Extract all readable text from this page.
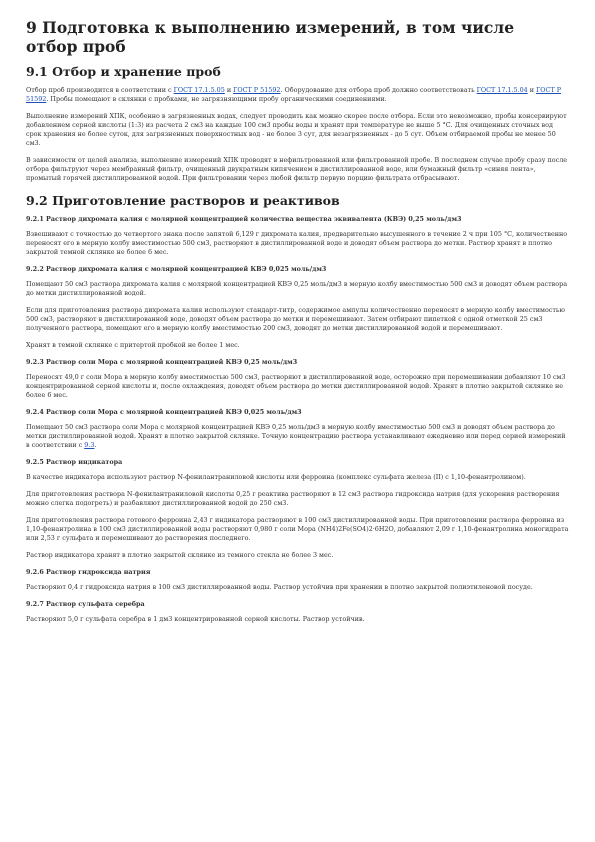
9 Подготовка к выполнению измерений, в том числе отбор проб
9.1 Отбор и хранение проб

Отбор проб производится в соответствии с ГОСТ 17.1.5.05 и ГОСТ Р 51592. Оборудование для отбора проб должно соответствовать ГОСТ 17.1.5.04 и ГОСТ Р 51592. Пробы помещают в склянки с пробками, не загрязняющими пробу органическими соединениями.

Выполнение измерений ХПК, особенно в загрязненных водах, следует проводить как можно скорее после отбора. Если это невозможно, пробы консервируют добавлением серной кислоты (1:3) из расчета 2 см3 на каждые 100 см3 пробы воды и хранят при температуре не выше 5 °С. Для очищенных сточных вод срок хранения не более суток, для загрязненных поверхностных вод - не более 3 сут, для незагрязненных - до 5 сут. Объем отбираемой пробы не менее 50 см3.

В зависимости от целей анализа, выполнение измерений ХПК проводят в нефильтрованной или фильтрованной пробе. В последнем случае пробу сразу после отбора фильтруют через мембранный фильтр, очищенный двукратным кипячением в дистиллированной воде, или бумажный фильтр «синяя лента», промытый горячей дистиллированной водой. При фильтровании через любой фильтр первую порцию фильтрата отбрасывают.

9.2 Приготовление растворов и реактивов
9.2.1 Раствор дихромата калия с молярной концентрацией количества вещества эквивалента (КВЭ) 0,25 моль/дм3

Взвешивают с точностью до четвертого знака после запятой 6,129 г дихромата калия, предварительно высушенного в течение 2 ч при 105 °С, количественно переносят его в мерную колбу вместимостью 500 см3, растворяют в дистиллированной воде и доводят объем раствора до метки. Раствор хранят в плотно закрытой темной склянке не более 6 мес.

9.2.2 Раствор дихромата калия с молярной концентрацией КВЭ 0,025 моль/дм3

Помещают 50 см3 раствора дихромата калия с молярной концентрацией КВЭ 0,25 моль/дм3 в мерную колбу вместимостью 500 см3 и доводят объем раствора до метки дистиллированной водой.

Если для приготовления раствора дихромата калия используют стандарт-титр, содержимое ампулы количественно переносят в мерную колбу вместимостью 500 см3, растворяют в дистиллированной воде, доводят объем раствора до метки и перемешивают. Затем отбирают пипеткой с одной отметкой 25 см3 полученного раствора, помещают его в мерную колбу вместимостью 200 см3, доводят до метки дистиллированной водой и перемешивают.

Хранят в темной склянке с притертой пробкой не более 1 мес.

9.2.3 Раствор соли Мора с молярной концентрацией КВЭ 0,25 моль/дм3

Переносят 49,0 г соли Мора в мерную колбу вместимостью 500 см3, растворяют в дистиллированной воде, осторожно при перемешивании добавляют 10 см3 концентрированной серной кислоты и, после охлаждения, доводят объем раствора до метки дистиллированной водой. Хранят в плотно закрытой склянке не более 6 мес.

9.2.4 Раствор соли Мора с молярной концентрацией КВЭ 0,025 моль/дм3

Помещают 50 см3 раствора соли Мора с молярной концентрацией КВЭ 0,25 моль/дм3 в мерную колбу вместимостью 500 см3 и доводят объем раствора до метки дистиллированной водой. Хранят в плотно закрытой склянке. Точную концентрацию раствора устанавливают ежедневно или перед серией измерений в соответствии с 9.3.

9.2.5 Раствор индикатора

В качестве индикатора используют раствор N-фенилантраниловой кислоты или ферроина (комплекс сульфата железа (II) с 1,10-фенантролином).

Для приготовления раствора N-фенилантраниловой кислоты 0,25 г реактива растворяют в 12 см3 раствора гидроксида натрия (для ускорения растворения можно слегка подогреть) и разбавляют дистиллированной водой до 250 см3.

Для приготовления раствора готового ферроина 2,43 г индикатора растворяют в 100 см3 дистиллированной воды. При приготовлении раствора ферроина из 1,10-фенантролина в 100 см3 дистиллированной воды растворяют 0,980 г соли Мора (NH4)2Fe(SO4)2·6H2O, добавляют 2,09 г 1,10-фенантролина моногидрата или 2,53 г сульфата и перемешивают до растворения последнего.

Раствор индикатора хранят в плотно закрытой склянке из темного стекла не более 3 мес.

9.2.6 Раствор гидроксида натрия

Растворяют 0,4 г гидроксида натрия в 100 см3 дистиллированной воды. Раствор устойчив при хранении в плотно закрытой полиэтиленовой посуде.

9.2.7 Раствор сульфата серебра

Растворяют 5,0 г сульфата серебра в 1 дм3 концентрированной серной кислоты. Раствор устойчив.
